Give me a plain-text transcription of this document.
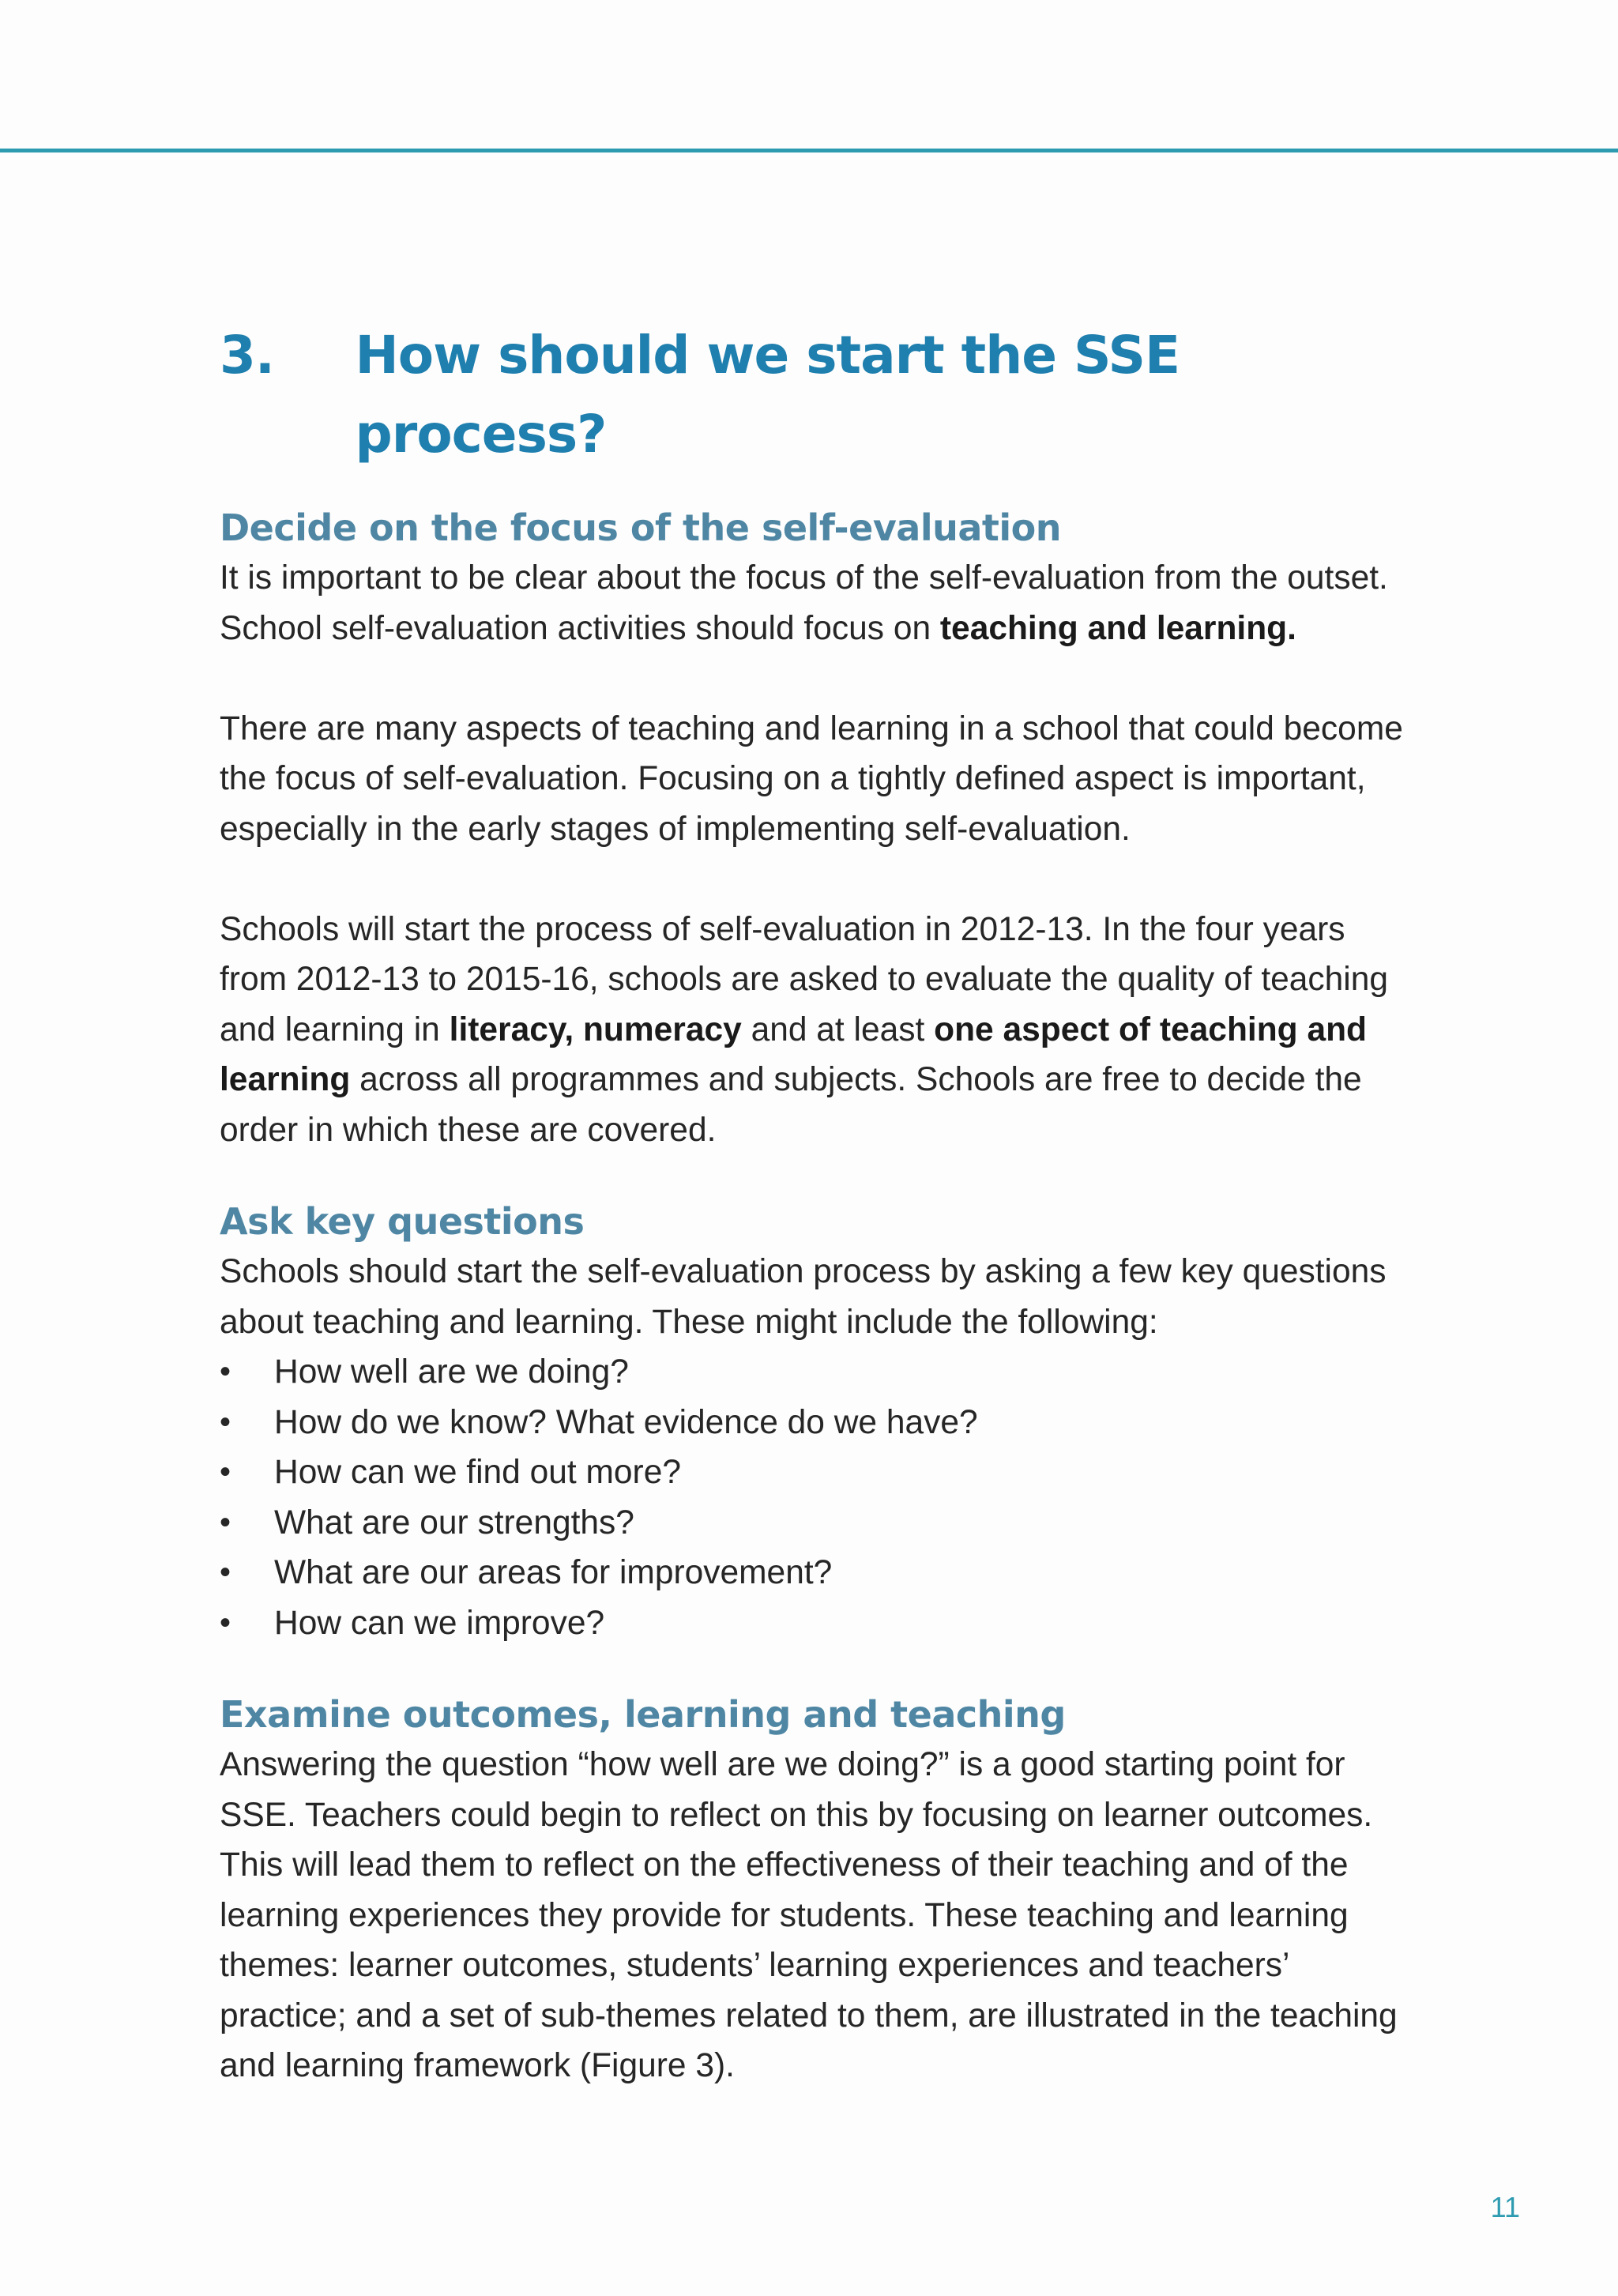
3.	How should we start the SSE process?
Decide on the focus of the self-evaluation

It is important to be clear about the focus of the self-evaluation from the outset. School self-evaluation activities should focus on teaching and learning.

There are many aspects of teaching and learning in a school that could become the focus of self-evaluation. Focusing on a tightly defined aspect is important, especially in the early stages of implementing self-evaluation.

Schools will start the process of self-evaluation in 2012-13. In the four years from 2012-13 to 2015-16, schools are asked to evaluate the quality of teaching and learning in literacy, numeracy and at least one aspect of teaching and learning across all programmes and subjects. Schools are free to decide the order in which these are covered.

Ask key questions

Schools should start the self-evaluation process by asking a few key questions about teaching and learning. These might include the following:

•	How well are we doing?
•	How do we know? What evidence do we have?
•	How can we find out more?
•	What are our strengths?
•	What are our areas for improvement?
•	How can we improve?
Examine outcomes, learning and teaching

Answering the question “how well are we doing?” is a good starting point for SSE. Teachers could begin to reflect on this by focusing on learner outcomes. This will lead them to reflect on the effectiveness of their teaching and of the learning experiences they provide for students. These teaching and learning themes: learner outcomes, students’ learning experiences and teachers’ practice; and a set of sub-themes related to them, are illustrated in the teaching and learning framework (Figure 3).

11
